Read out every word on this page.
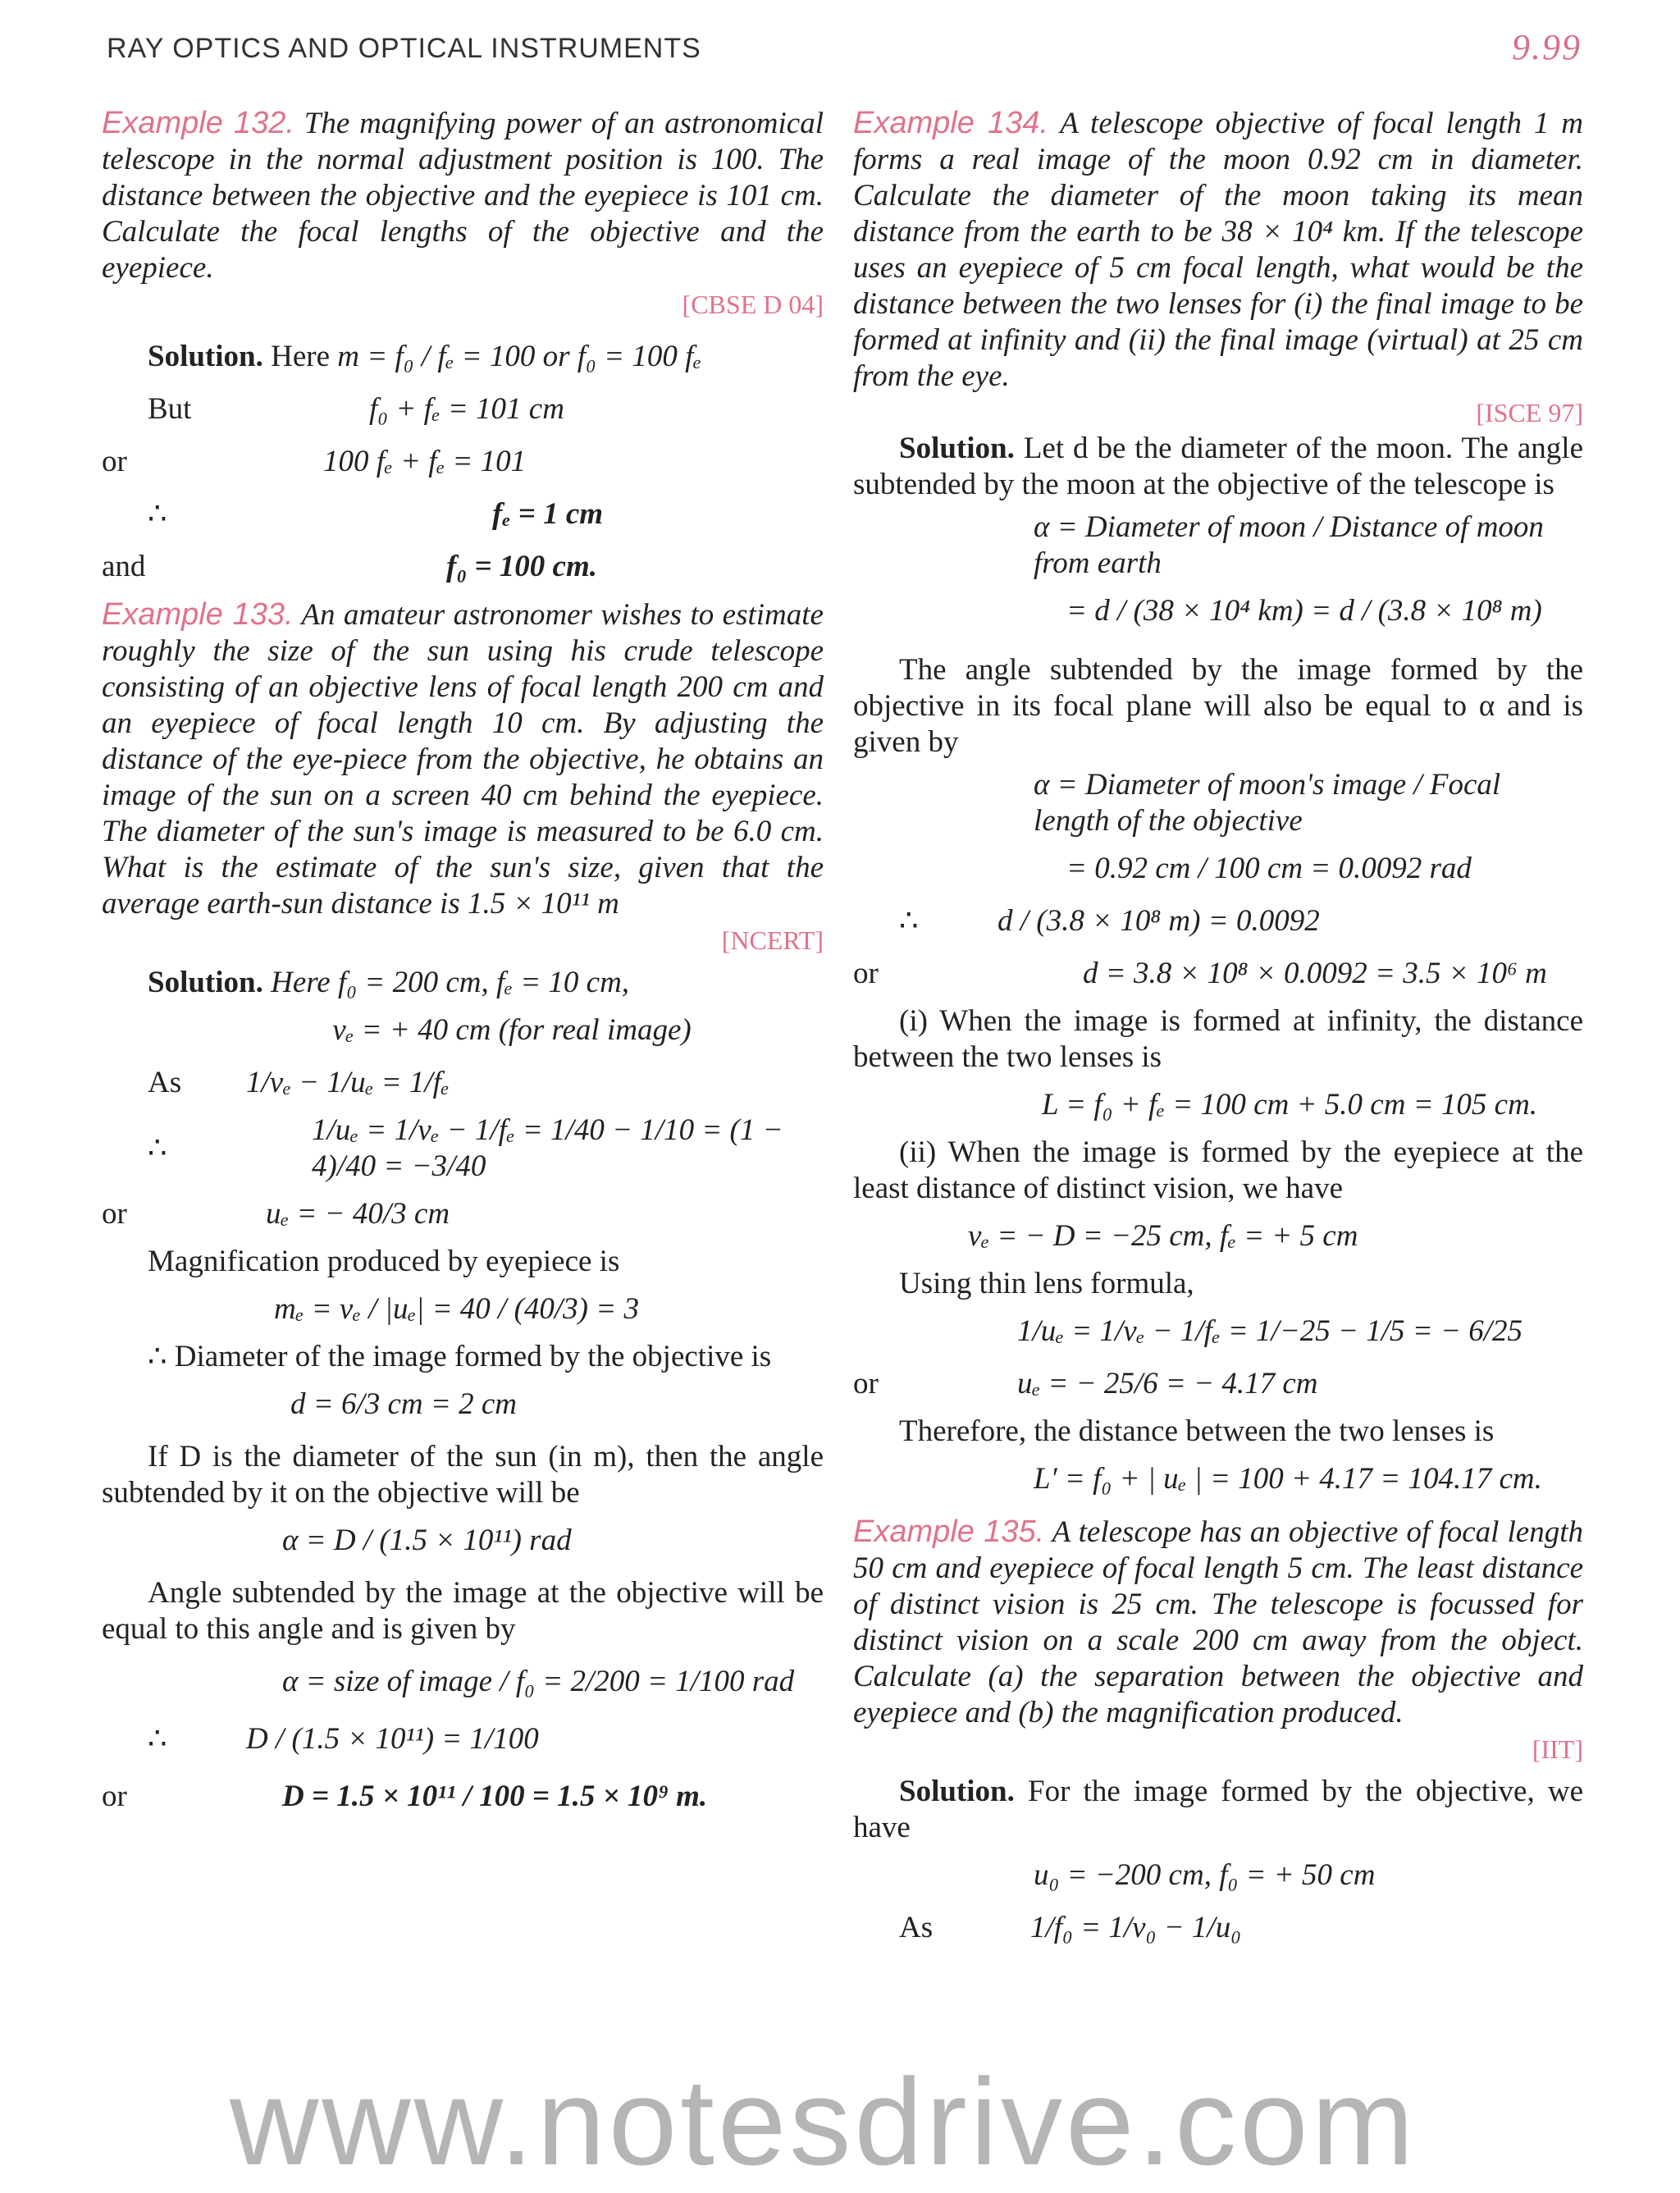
RAY OPTICS AND OPTICAL INSTRUMENTS	9.99
Example 132. The magnifying power of an astronomical telescope in the normal adjustment position is 100. The distance between the objective and the eyepiece is 101 cm. Calculate the focal lengths of the objective and the eyepiece.
[CBSE D 04]
Solution.
Here
m = f₀ / fₑ = 100 or f₀ = 100 fₑ
But	f₀ + fₑ = 101 cm
or	100 fₑ + fₑ = 101
∴	fₑ = 1 cm
and	f₀ = 100 cm.
Example 133. An amateur astronomer wishes to estimate roughly the size of the sun using his crude telescope consisting of an objective lens of focal length 200 cm and an eyepiece of focal length 10 cm. By adjusting the distance of the eye-piece from the objective, he obtains an image of the sun on a screen 40 cm behind the eyepiece. The diameter of the sun's image is measured to be 6.0 cm. What is the estimate of the sun's size, given that the average earth-sun distance is 1.5 × 10¹¹ m
[NCERT]
Solution. Here f₀ = 200 cm, fₑ = 10 cm,
vₑ = + 40 cm (for real image)
As	1/vₑ − 1/uₑ = 1/fₑ
∴
1/uₑ = 1/vₑ − 1/fₑ = 1/40 − 1/10 = (1 − 4)/40 = −3/40
or	uₑ = − 40/3 cm
Magnification produced by eyepiece is
mₑ = vₑ / |uₑ| = 40 / (40/3) = 3
∴ Diameter of the image formed by the objective is
d = 6/3 cm = 2 cm
If D is the diameter of the sun (in m), then the angle subtended by it on the objective will be
α = D / (1.5 × 10¹¹) rad
Angle subtended by the image at the objective will be equal to this angle and is given by
α = size of image / f₀ = 2/200 = 1/100 rad
∴	D / (1.5 × 10¹¹) = 1/100
or	D = 1.5 × 10¹¹ / 100 = 1.5 × 10⁹ m.
Example 134. A telescope objective of focal length 1 m forms a real image of the moon 0.92 cm in diameter. Calculate the diameter of the moon taking its mean distance from the earth to be 38 × 10⁴ km. If the telescope uses an eyepiece of 5 cm focal length, what would be the distance between the two lenses for (i) the final image to be formed at infinity and (ii) the final image (virtual) at 25 cm from the eye.
[ISCE 97]
Solution. Let d be the diameter of the moon. The angle subtended by the moon at the objective of the telescope is
α = Diameter of moon / Distance of moon from earth
= d / (38 × 10⁴ km) = d / (3.8 × 10⁸ m)
The angle subtended by the image formed by the objective in its focal plane will also be equal to α and is given by
α = Diameter of moon's image / Focal length of the objective
= 0.92 cm / 100 cm = 0.0092 rad
∴	d / (3.8 × 10⁸ m) = 0.0092
or	d = 3.8 × 10⁸ × 0.0092 = 3.5 × 10⁶ m
(i) When the image is formed at infinity, the distance between the two lenses is
L = f₀ + fₑ = 100 cm + 5.0 cm = 105 cm.
(ii) When the image is formed by the eyepiece at the least distance of distinct vision, we have
vₑ = − D = −25 cm, fₑ = + 5 cm
Using thin lens formula,
1/uₑ = 1/vₑ − 1/fₑ = 1/−25 − 1/5 = − 6/25
or	uₑ = − 25/6 = − 4.17 cm
Therefore, the distance between the two lenses is
L′ = f₀ + | uₑ | = 100 + 4.17 = 104.17 cm.
Example 135. A telescope has an objective of focal length 50 cm and eyepiece of focal length 5 cm. The least distance of distinct vision is 25 cm. The telescope is focussed for distinct vision on a scale 200 cm away from the object. Calculate (a) the separation between the objective and eyepiece and (b) the magnification produced.
[IIT]
Solution. For the image formed by the objective, we have
u₀ = −200 cm, f₀ = + 50 cm
As	1/f₀ = 1/v₀ − 1/u₀
www.notesdrive.com
